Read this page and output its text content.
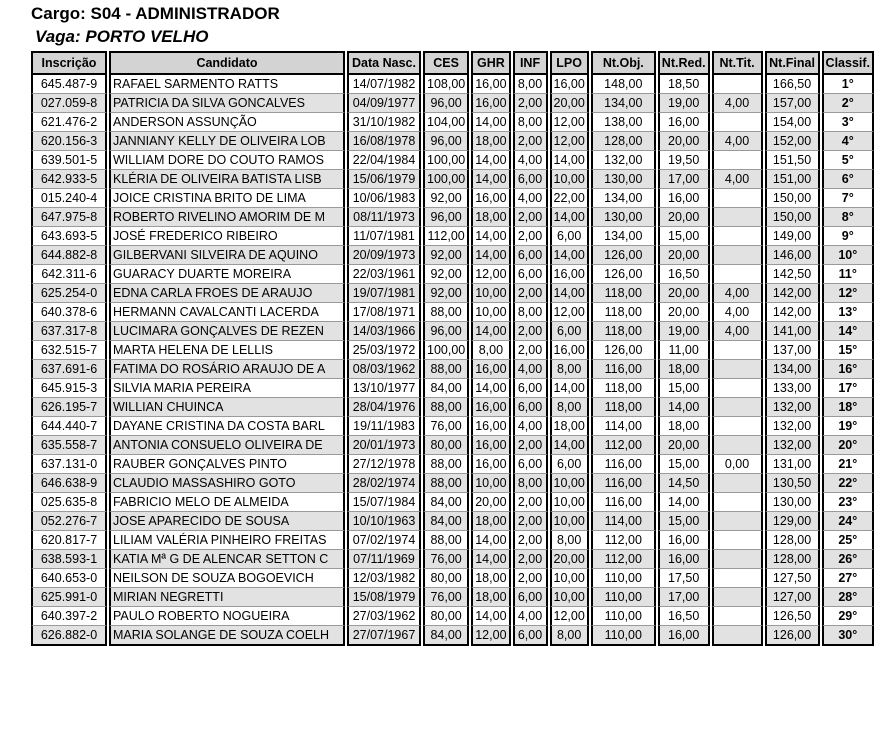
Cargo: S04 - ADMINISTRADOR
Vaga: PORTO VELHO
Inscrição	Candidato	Data Nasc.	CES	GHR	INF	LPO	Nt.Obj.	Nt.Red.	Nt.Tit.	Nt.Final	Classif.
645.487-9	RAFAEL SARMENTO RATTS	14/07/1982	108,00	16,00	8,00	16,00	148,00	18,50		166,50	1°
027.059-8	PATRICIA DA SILVA GONCALVES	04/09/1977	96,00	16,00	2,00	20,00	134,00	19,00	4,00	157,00	2°
621.476-2	ANDERSON ASSUNÇÃO	31/10/1982	104,00	14,00	8,00	12,00	138,00	16,00		154,00	3°
620.156-3	JANNIANY KELLY DE OLIVEIRA LOB	16/08/1978	96,00	18,00	2,00	12,00	128,00	20,00	4,00	152,00	4°
639.501-5	WILLIAM DORE DO COUTO RAMOS	22/04/1984	100,00	14,00	4,00	14,00	132,00	19,50		151,50	5°
642.933-5	KLÉRIA DE OLIVEIRA BATISTA LISB	15/06/1979	100,00	14,00	6,00	10,00	130,00	17,00	4,00	151,00	6°
015.240-4	JOICE CRISTINA BRITO DE LIMA	10/06/1983	92,00	16,00	4,00	22,00	134,00	16,00		150,00	7°
647.975-8	ROBERTO RIVELINO AMORIM DE M	08/11/1973	96,00	18,00	2,00	14,00	130,00	20,00		150,00	8°
643.693-5	JOSÉ FREDERICO RIBEIRO	11/07/1981	112,00	14,00	2,00	6,00	134,00	15,00		149,00	9°
644.882-8	GILBERVANI SILVEIRA DE AQUINO	20/09/1973	92,00	14,00	6,00	14,00	126,00	20,00		146,00	10°
642.311-6	GUARACY DUARTE MOREIRA	22/03/1961	92,00	12,00	6,00	16,00	126,00	16,50		142,50	11°
625.254-0	EDNA CARLA FROES DE ARAUJO	19/07/1981	92,00	10,00	2,00	14,00	118,00	20,00	4,00	142,00	12°
640.378-6	HERMANN CAVALCANTI LACERDA	17/08/1971	88,00	10,00	8,00	12,00	118,00	20,00	4,00	142,00	13°
637.317-8	LUCIMARA GONÇALVES DE REZEN	14/03/1966	96,00	14,00	2,00	6,00	118,00	19,00	4,00	141,00	14°
632.515-7	MARTA HELENA DE LELLIS	25/03/1972	100,00	8,00	2,00	16,00	126,00	11,00		137,00	15°
637.691-6	FATIMA DO ROSÁRIO ARAUJO DE A	08/03/1962	88,00	16,00	4,00	8,00	116,00	18,00		134,00	16°
645.915-3	SILVIA MARIA PEREIRA	13/10/1977	84,00	14,00	6,00	14,00	118,00	15,00		133,00	17°
626.195-7	WILLIAN CHUINCA	28/04/1976	88,00	16,00	6,00	8,00	118,00	14,00		132,00	18°
644.440-7	DAYANE CRISTINA DA COSTA BARL	19/11/1983	76,00	16,00	4,00	18,00	114,00	18,00		132,00	19°
635.558-7	ANTONIA CONSUELO OLIVEIRA DE	20/01/1973	80,00	16,00	2,00	14,00	112,00	20,00		132,00	20°
637.131-0	RAUBER GONÇALVES PINTO	27/12/1978	88,00	16,00	6,00	6,00	116,00	15,00	0,00	131,00	21°
646.638-9	CLAUDIO MASSASHIRO GOTO	28/02/1974	88,00	10,00	8,00	10,00	116,00	14,50		130,50	22°
025.635-8	FABRICIO MELO DE ALMEIDA	15/07/1984	84,00	20,00	2,00	10,00	116,00	14,00		130,00	23°
052.276-7	JOSE APARECIDO DE SOUSA	10/10/1963	84,00	18,00	2,00	10,00	114,00	15,00		129,00	24°
620.817-7	LILIAM VALÉRIA PINHEIRO FREITAS	07/02/1974	88,00	14,00	2,00	8,00	112,00	16,00		128,00	25°
638.593-1	KATIA Mª G DE ALENCAR SETTON C	07/11/1969	76,00	14,00	2,00	20,00	112,00	16,00		128,00	26°
640.653-0	NEILSON DE SOUZA BOGOEVICH	12/03/1982	80,00	18,00	2,00	10,00	110,00	17,50		127,50	27°
625.991-0	MIRIAN NEGRETTI	15/08/1979	76,00	18,00	6,00	10,00	110,00	17,00		127,00	28°
640.397-2	PAULO ROBERTO NOGUEIRA	27/03/1962	80,00	14,00	4,00	12,00	110,00	16,50		126,50	29°
626.882-0	MARIA SOLANGE DE SOUZA COELH	27/07/1967	84,00	12,00	6,00	8,00	110,00	16,00		126,00	30°
